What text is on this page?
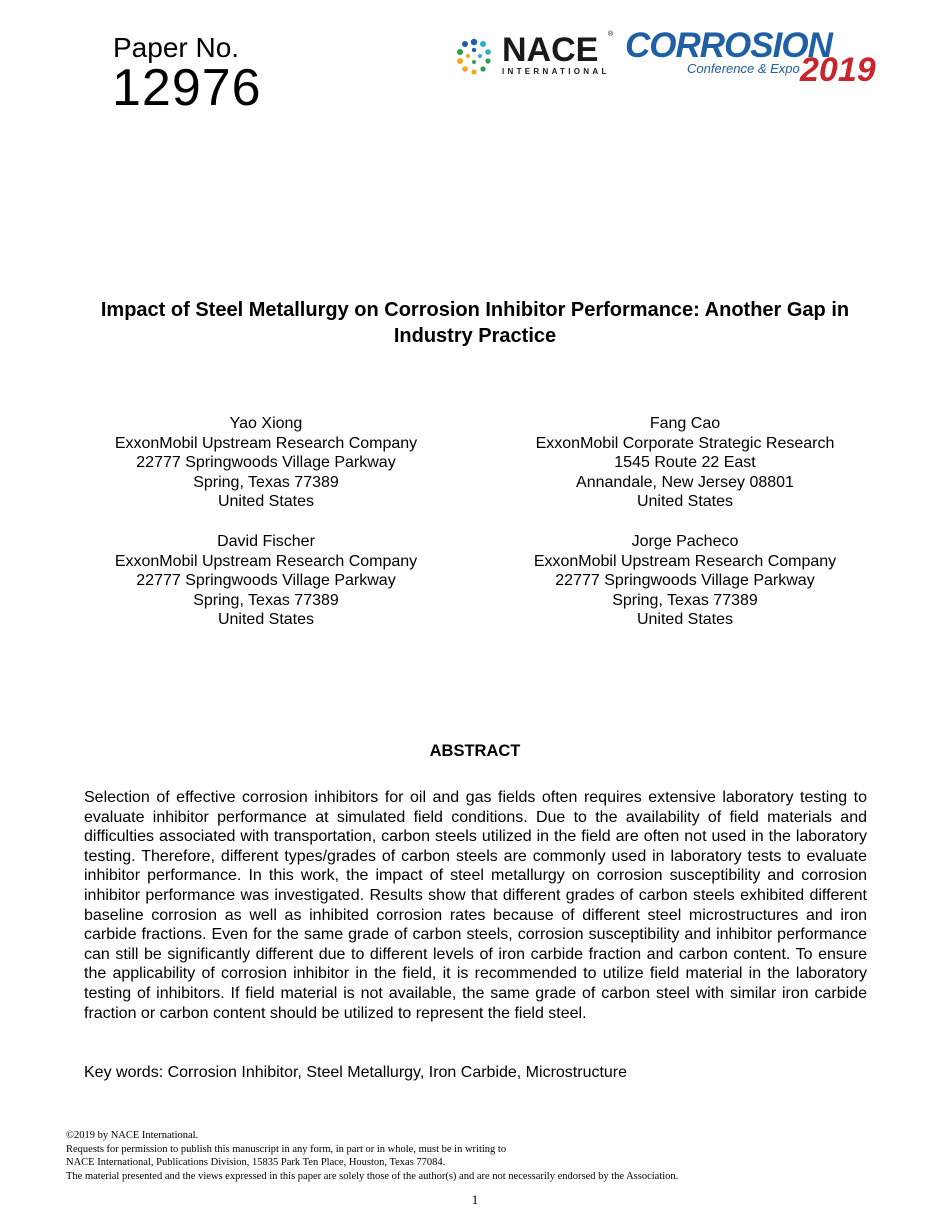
Paper No.
12976
NACE ®
INTERNATIONAL
CORROSION
Conference & Expo 2019
Impact of Steel Metallurgy on Corrosion Inhibitor Performance: Another Gap in Industry Practice
Yao Xiong
ExxonMobil Upstream Research Company
22777 Springwoods Village Parkway
Spring, Texas 77389
United States
Fang Cao
ExxonMobil Corporate Strategic Research
1545 Route 22 East
Annandale, New Jersey 08801
United States
David Fischer
ExxonMobil Upstream Research Company
22777 Springwoods Village Parkway
Spring, Texas 77389
United States
Jorge Pacheco
ExxonMobil Upstream Research Company
22777 Springwoods Village Parkway
Spring, Texas 77389
United States
ABSTRACT
Selection of effective corrosion inhibitors for oil and gas fields often requires extensive laboratory testing to evaluate inhibitor performance at simulated field conditions. Due to the availability of field materials and difficulties associated with transportation, carbon steels utilized in the field are often not used in the laboratory testing. Therefore, different types/grades of carbon steels are commonly used in laboratory tests to evaluate inhibitor performance. In this work, the impact of steel metallurgy on corrosion susceptibility and corrosion inhibitor performance was investigated. Results show that different grades of carbon steels exhibited different baseline corrosion as well as inhibited corrosion rates because of different steel microstructures and iron carbide fractions. Even for the same grade of carbon steels, corrosion susceptibility and inhibitor performance can still be significantly different due to different levels of iron carbide fraction and carbon content. To ensure the applicability of corrosion inhibitor in the field, it is recommended to utilize field material in the laboratory testing of inhibitors. If field material is not available, the same grade of carbon steel with similar iron carbide fraction or carbon content should be utilized to represent the field steel.
Key words: Corrosion Inhibitor, Steel Metallurgy, Iron Carbide, Microstructure
©2019 by NACE International.
Requests for permission to publish this manuscript in any form, in part or in whole, must be in writing to
NACE International, Publications Division, 15835 Park Ten Place, Houston, Texas 77084.
The material presented and the views expressed in this paper are solely those of the author(s) and are not necessarily endorsed by the Association.
1
